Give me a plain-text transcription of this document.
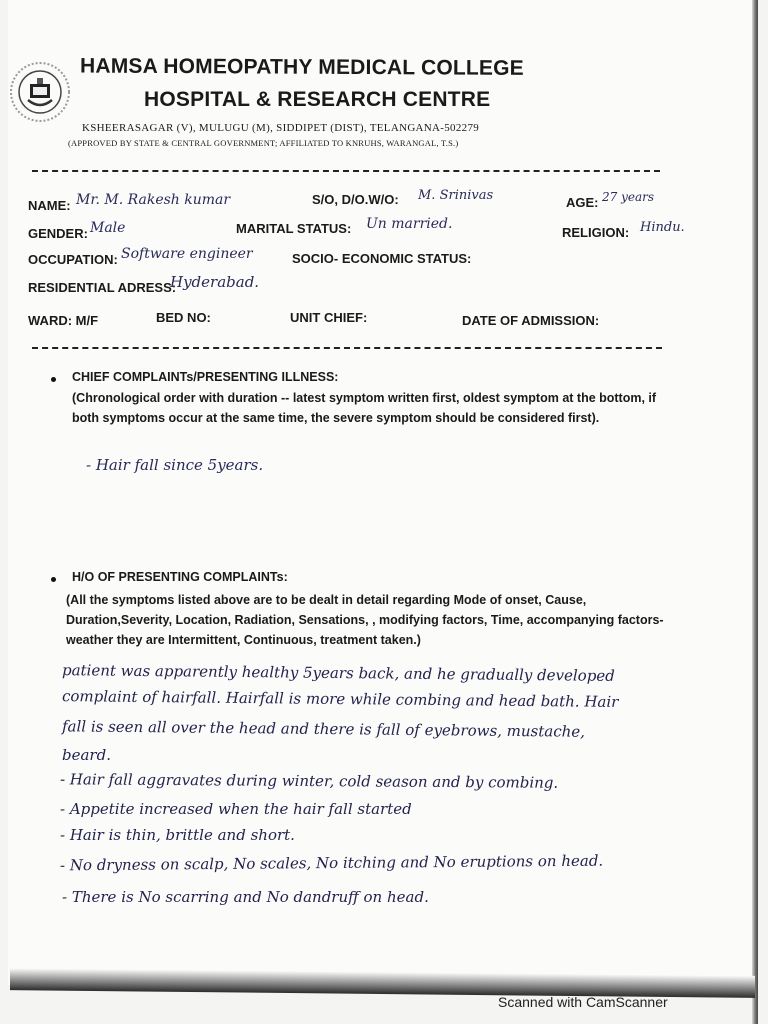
HAMSA HOMEOPATHY MEDICAL COLLEGE
HOSPITAL & RESEARCH CENTRE
KSHEERASAGAR (V), MULUGU (M), SIDDIPET (DIST), TELANGANA-502279
(APPROVED BY STATE & CENTRAL GOVERNMENT; AFFILIATED TO KNRUHS, WARANGAL, T.S.)
NAME: Mr. M. Rakesh kumar	S/O, D/O.W/O: M. Srinivas	AGE: 27 years
GENDER: Male	MARITAL STATUS: Un married.
RELIGION: Hindu.
OCCUPATION: Software engineer	SOCIO- ECONOMIC STATUS:
RESIDENTIAL ADRESS:
Hyderabad.
WARD: M/F	BED NO:	UNIT CHIEF:	DATE OF ADMISSION:
CHIEF COMPLAINTs/PRESENTING ILLNESS:
(Chronological order with duration -- latest symptom written first, oldest symptom at the bottom, if both symptoms occur at the same time, the severe symptom should be considered first).
- Hair fall since 5years.
H/O OF PRESENTING COMPLAINTs:
(All the symptoms listed above are to be dealt in detail regarding Mode of onset, Cause, Duration,Severity, Location, Radiation, Sensations, , modifying factors, Time, accompanying factors- weather they are Intermittent, Continuous, treatment taken.)
patient was apparently healthy 5years back, and he gradually developed
complaint of hairfall. Hairfall is more while combing and head bath. Hair
fall is seen all over the head and there is fall of eyebrows, mustache,
beard.
- Hair fall aggravates during winter, cold season and by combing.
- Appetite increased when the hair fall started
- Hair is thin, brittle and short.
- No dryness on scalp, No scales, No itching and No eruptions on head.
- There is No scarring and No dandruff on head.
Scanned with CamScanner
